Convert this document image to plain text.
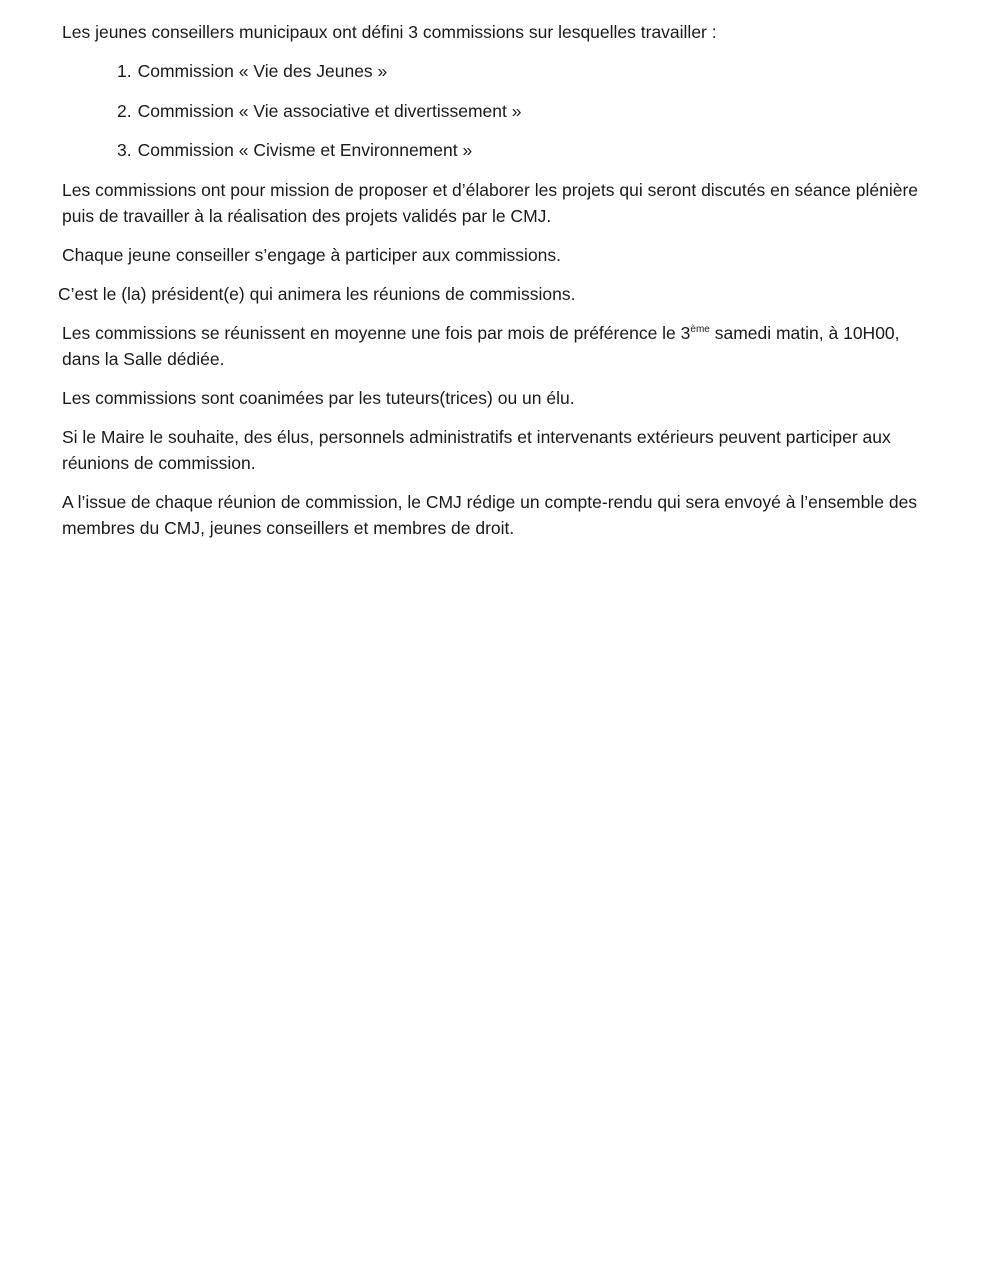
Les jeunes conseillers municipaux ont défini 3 commissions sur lesquelles travailler :

1. Commission « Vie des Jeunes »
2. Commission « Vie associative et divertissement »
3. Commission « Civisme et Environnement »

Les commissions ont pour mission de proposer et d’élaborer les projets qui seront discutés en séance plénière puis de travailler à la réalisation des projets validés par le CMJ.

Chaque jeune conseiller s’engage à participer aux commissions.

C’est le (la) président(e) qui animera les réunions de commissions.

Les commissions se réunissent en moyenne une fois par mois de préférence le 3ème samedi matin, à 10H00, dans la Salle dédiée.

Les commissions sont coanimées par les tuteurs(trices) ou un élu.

Si le Maire le souhaite, des élus, personnels administratifs et intervenants extérieurs peuvent participer aux réunions de commission.

A l’issue de chaque réunion de commission, le CMJ rédige un compte-rendu qui sera envoyé à l’ensemble des membres du CMJ, jeunes conseillers et membres de droit.
